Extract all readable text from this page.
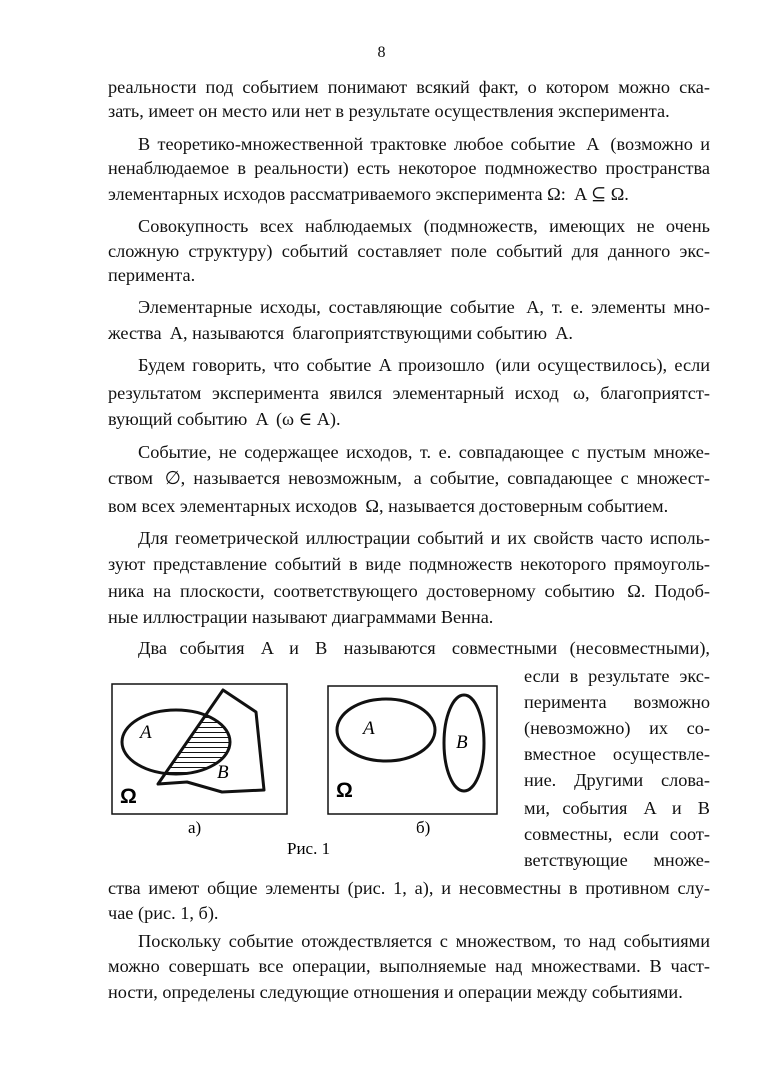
8
реальности под событием понимают всякий факт, о котором можно ска-
зать, имеет он место или нет в результате осуществления эксперимента.
В теоретико-множественной трактовке любое событие  A  (возможно и
ненаблюдаемое в реальности) есть некоторое подмножество пространства
элементарных исходов рассматриваемого эксперимента Ω:  A ⊆ Ω.
Совокупность всех наблюдаемых (подмножеств, имеющих не очень
сложную структуру) событий составляет поле событий для данного экс-
перимента.
Элементарные исходы, составляющие событие  A, т. е. элементы мно-
жества  A, называются  благоприятствующими событию  A.
Будем говорить, что событие A произошло  (или осуществилось), если
результатом эксперимента явился элементарный исход  ω, благоприятст-
вующий событию  A  (ω ∈ A).
Событие, не содержащее исходов, т. е. совпадающее с пустым множе-
ством  ∅, называется невозможным,  а событие, совпадающее с множест-
вом всех элементарных исходов  Ω, называется достоверным событием.
Для геометрической иллюстрации событий и их свойств часто исполь-
зуют представление событий в виде подмножеств некоторого прямоуголь-
ника на плоскости, соответствующего достоверному событию  Ω. Подоб-
ные иллюстрации называют диаграммами Венна.
Два события  A  и  B  называются  совместными (несовместными),
если в результате экс-
перимента возможно
(невозможно) их со-
вместное осуществле-
ние. Другими слова-
ми, события  A  и  B
совместны, если соот-
ветствующие множе-
ства имеют общие элементы (рис. 1, а), и несовместны в противном слу-
чае (рис. 1, б).
Поскольку событие отождествляется с множеством, то над событиями
можно совершать все операции, выполняемые над множествами. В част-
ности, определены следующие отношения и операции между событиями.
A
B
Ω
A
B
Ω
а)	б)
Рис. 1
